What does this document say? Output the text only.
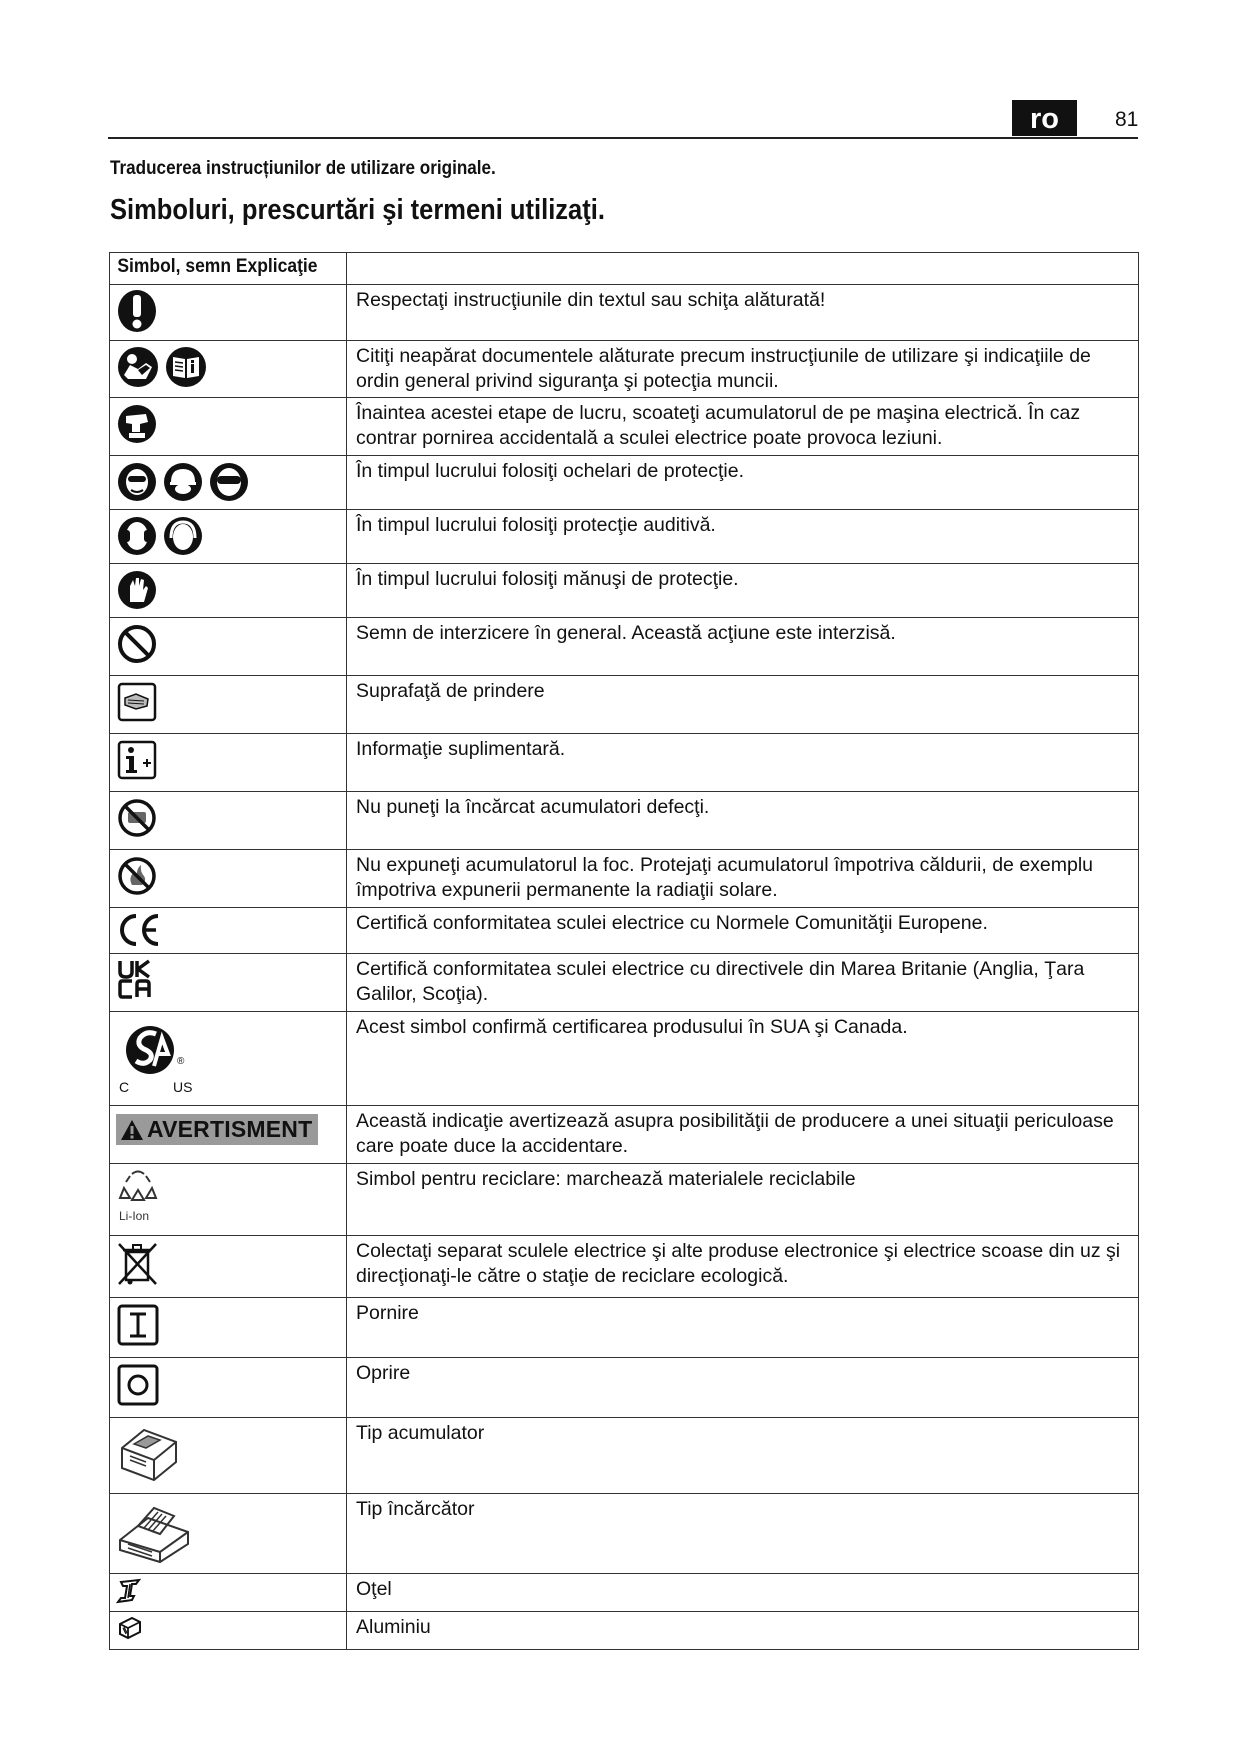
ro	81
Traducerea instrucțiunilor de utilizare originale.
Simboluri, prescurtări şi termeni utilizaţi.
Simbol, semn Explicaţie	

	Respectaţi instrucţiunile din textul sau schiţa alăturată!

	Citiţi neapărat documentele alăturate precum instrucţiunile de utilizare şi indicaţiile de ordin general privind siguranţa şi potecţia muncii.

	Înaintea acestei etape de lucru, scoateţi acumulatorul de pe maşina electrică. În caz contrar pornirea accidentală a sculei electrice poate provoca leziuni.

	În timpul lucrului folosiţi ochelari de protecţie.

	În timpul lucrului folosiţi protecţie auditivă.

	În timpul lucrului folosiţi mănuşi de protecţie.

	Semn de interzicere în general. Această acţiune este interzisă.

	Suprafaţă de prindere

	Informaţie suplimentară.

	Nu puneţi la încărcat acumulatori defecţi.

	Nu expuneţi acumulatorul la foc. Protejaţi acumulatorul împotriva căldurii, de exemplu împotriva expunerii permanente la radiaţii solare.

	Certifică conformitatea sculei electrice cu Normele Comunităţii Europene.

	Certifică conformitatea sculei electrice cu directivele din Marea Britanie (Anglia, Ţara Galilor, Scoţia).

®
C US	Acest simbol confirmă certificarea produsului în SUA şi Canada.

AVERTISMENT	Această indicaţie avertizează asupra posibilităţii de producere a unei situaţii periculoase care poate duce la accidentare.

Li-Ion	Simbol pentru reciclare: marchează materialele reciclabile
	Colectaţi separat sculele electrice şi alte produse electronice şi electrice scoase din uz şi direcţionaţi-le către o staţie de reciclare ecologică.
	Pornire
	Oprire
	Tip acumulator
	Tip încărcător
	Oţel
	Aluminiu
